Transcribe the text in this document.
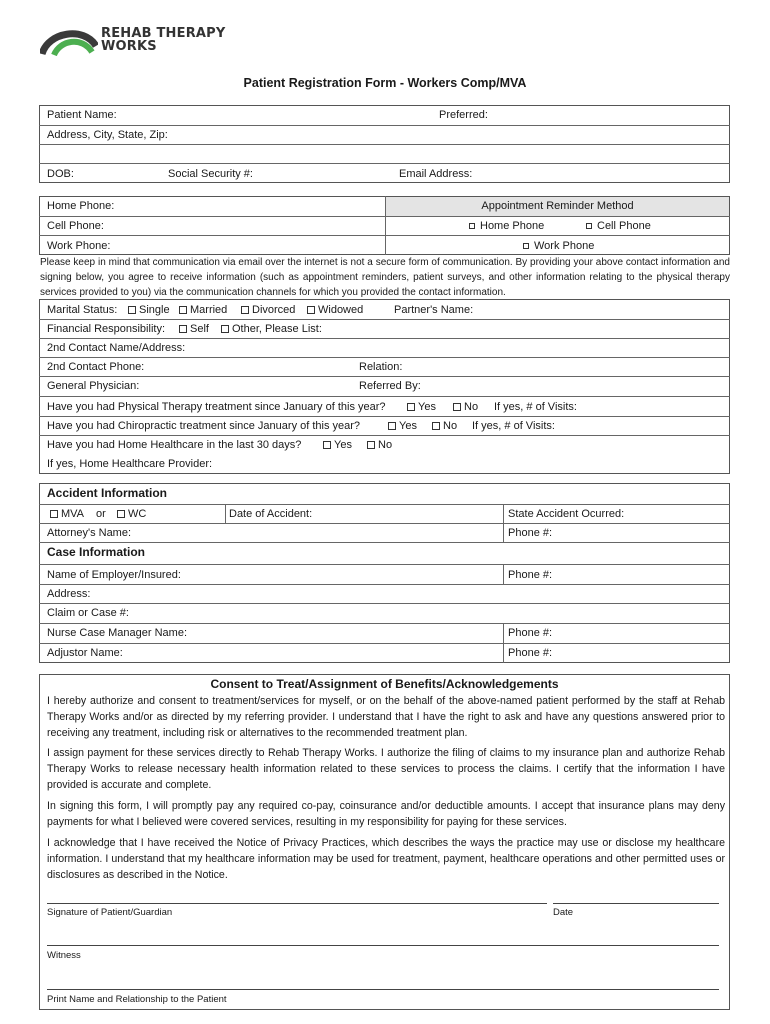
REHAB THERAPY
WORKS
Patient Registration Form - Workers Comp/MVA
Patient Name:	Preferred:
Address, City, State, Zip:
DOB:	Social Security #:	Email Address:
Home Phone:
Cell Phone:
Work Phone:
Appointment Reminder Method
Home Phone	Cell Phone
Work Phone
Please keep in mind that communication via email over the internet is not a secure form of communication. By providing your above contact information and signing below, you agree to receive information (such as appointment reminders, patient surveys, and other information relating to the physical therapy services provided to you) via the communication channels for which you provided the contact information.
Marital Status:	Single	Married	Divorced	Widowed	Partner's Name:
Financial Responsibility:	Self	Other, Please List:
2nd Contact Name/Address:
2nd Contact Phone:	Relation:
General Physician:	Referred By:
Have you had Physical Therapy treatment since January of this year?	Yes	No If yes, # of Visits:
Have you had Chiropractic treatment since January of this year?	Yes	No If yes, # of Visits:
Have you had Home Healthcare in the last 30 days?	Yes	No
If yes, Home Healthcare Provider:
Accident Information
MVA or	WC	Date of Accident:	State Accident Ocurred:
Attorney's Name:	Phone #:
Case Information
Name of Employer/Insured:	Phone #:
Address:
Claim or Case #:
Nurse Case Manager Name:	Phone #:
Adjustor Name:	Phone #:
Consent to Treat/Assignment of Benefits/Acknowledgements
I hereby authorize and consent to treatment/services for myself, or on the behalf of the above-named patient performed by the staff at Rehab Therapy Works and/or as directed by my referring provider. I understand that I have the right to ask and have any questions answered prior to receiving any treatment, including risk or alternatives to the recommended treatment plan.
I assign payment for these services directly to Rehab Therapy Works. I authorize the filing of claims to my insurance plan and authorize Rehab Therapy Works to release necessary health information related to these services to process the claims. I certify that the information I have provided is accurate and complete.
In signing this form, I will promptly pay any required co-pay, coinsurance and/or deductible amounts. I accept that insurance plans may deny payments for what I believed were covered services, resulting in my responsibility for paying for these services.
I acknowledge that I have received the Notice of Privacy Practices, which describes the ways the practice may use or disclose my healthcare information. I understand that my healthcare information may be used for treatment, payment, healthcare operations and other permitted uses or disclosures as described in the Notice.
Signature of Patient/Guardian	Date
Witness
Print Name and Relationship to the Patient
